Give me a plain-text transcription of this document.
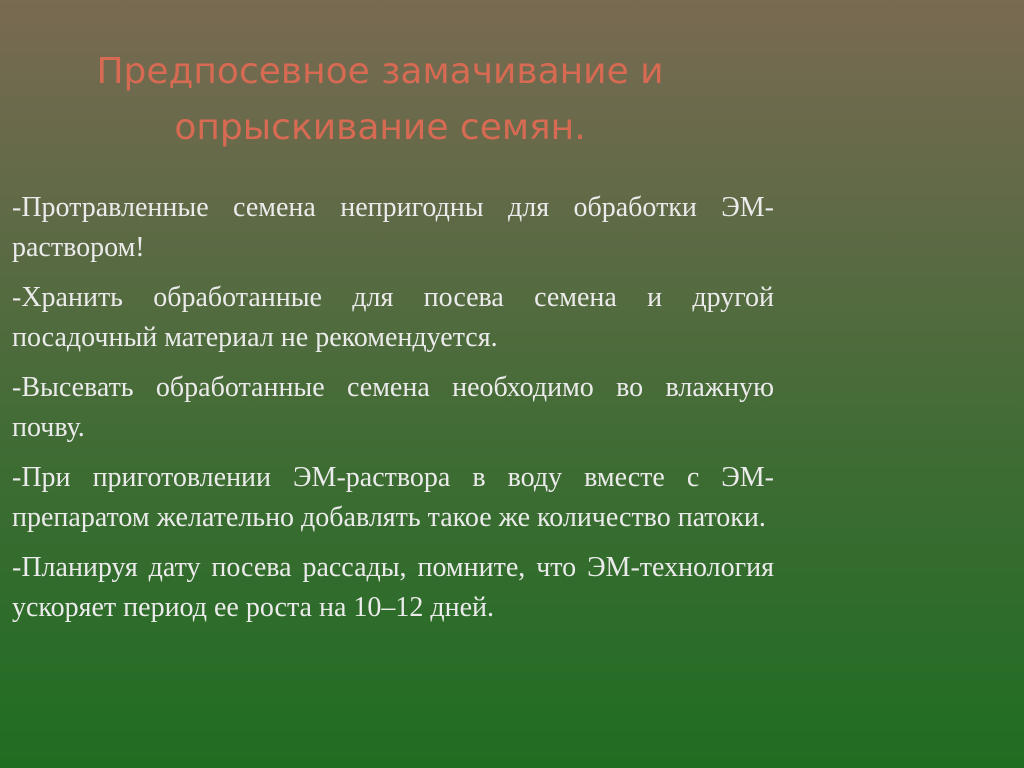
Предпосевное замачивание и
опрыскивание семян.
-Протравленные семена непригодны для обработки ЭМ-раствором!
-Хранить обработанные для посева семена и другой посадочный материал не рекомендуется.
-Высевать обработанные семена необходимо во влажную почву.
-При приготовлении ЭМ-раствора в воду вместе с ЭМ-препаратом желательно добавлять такое же количество патоки.
-Планируя дату посева рассады, помните, что ЭМ-технология ускоряет период ее роста на 10–12 дней.
